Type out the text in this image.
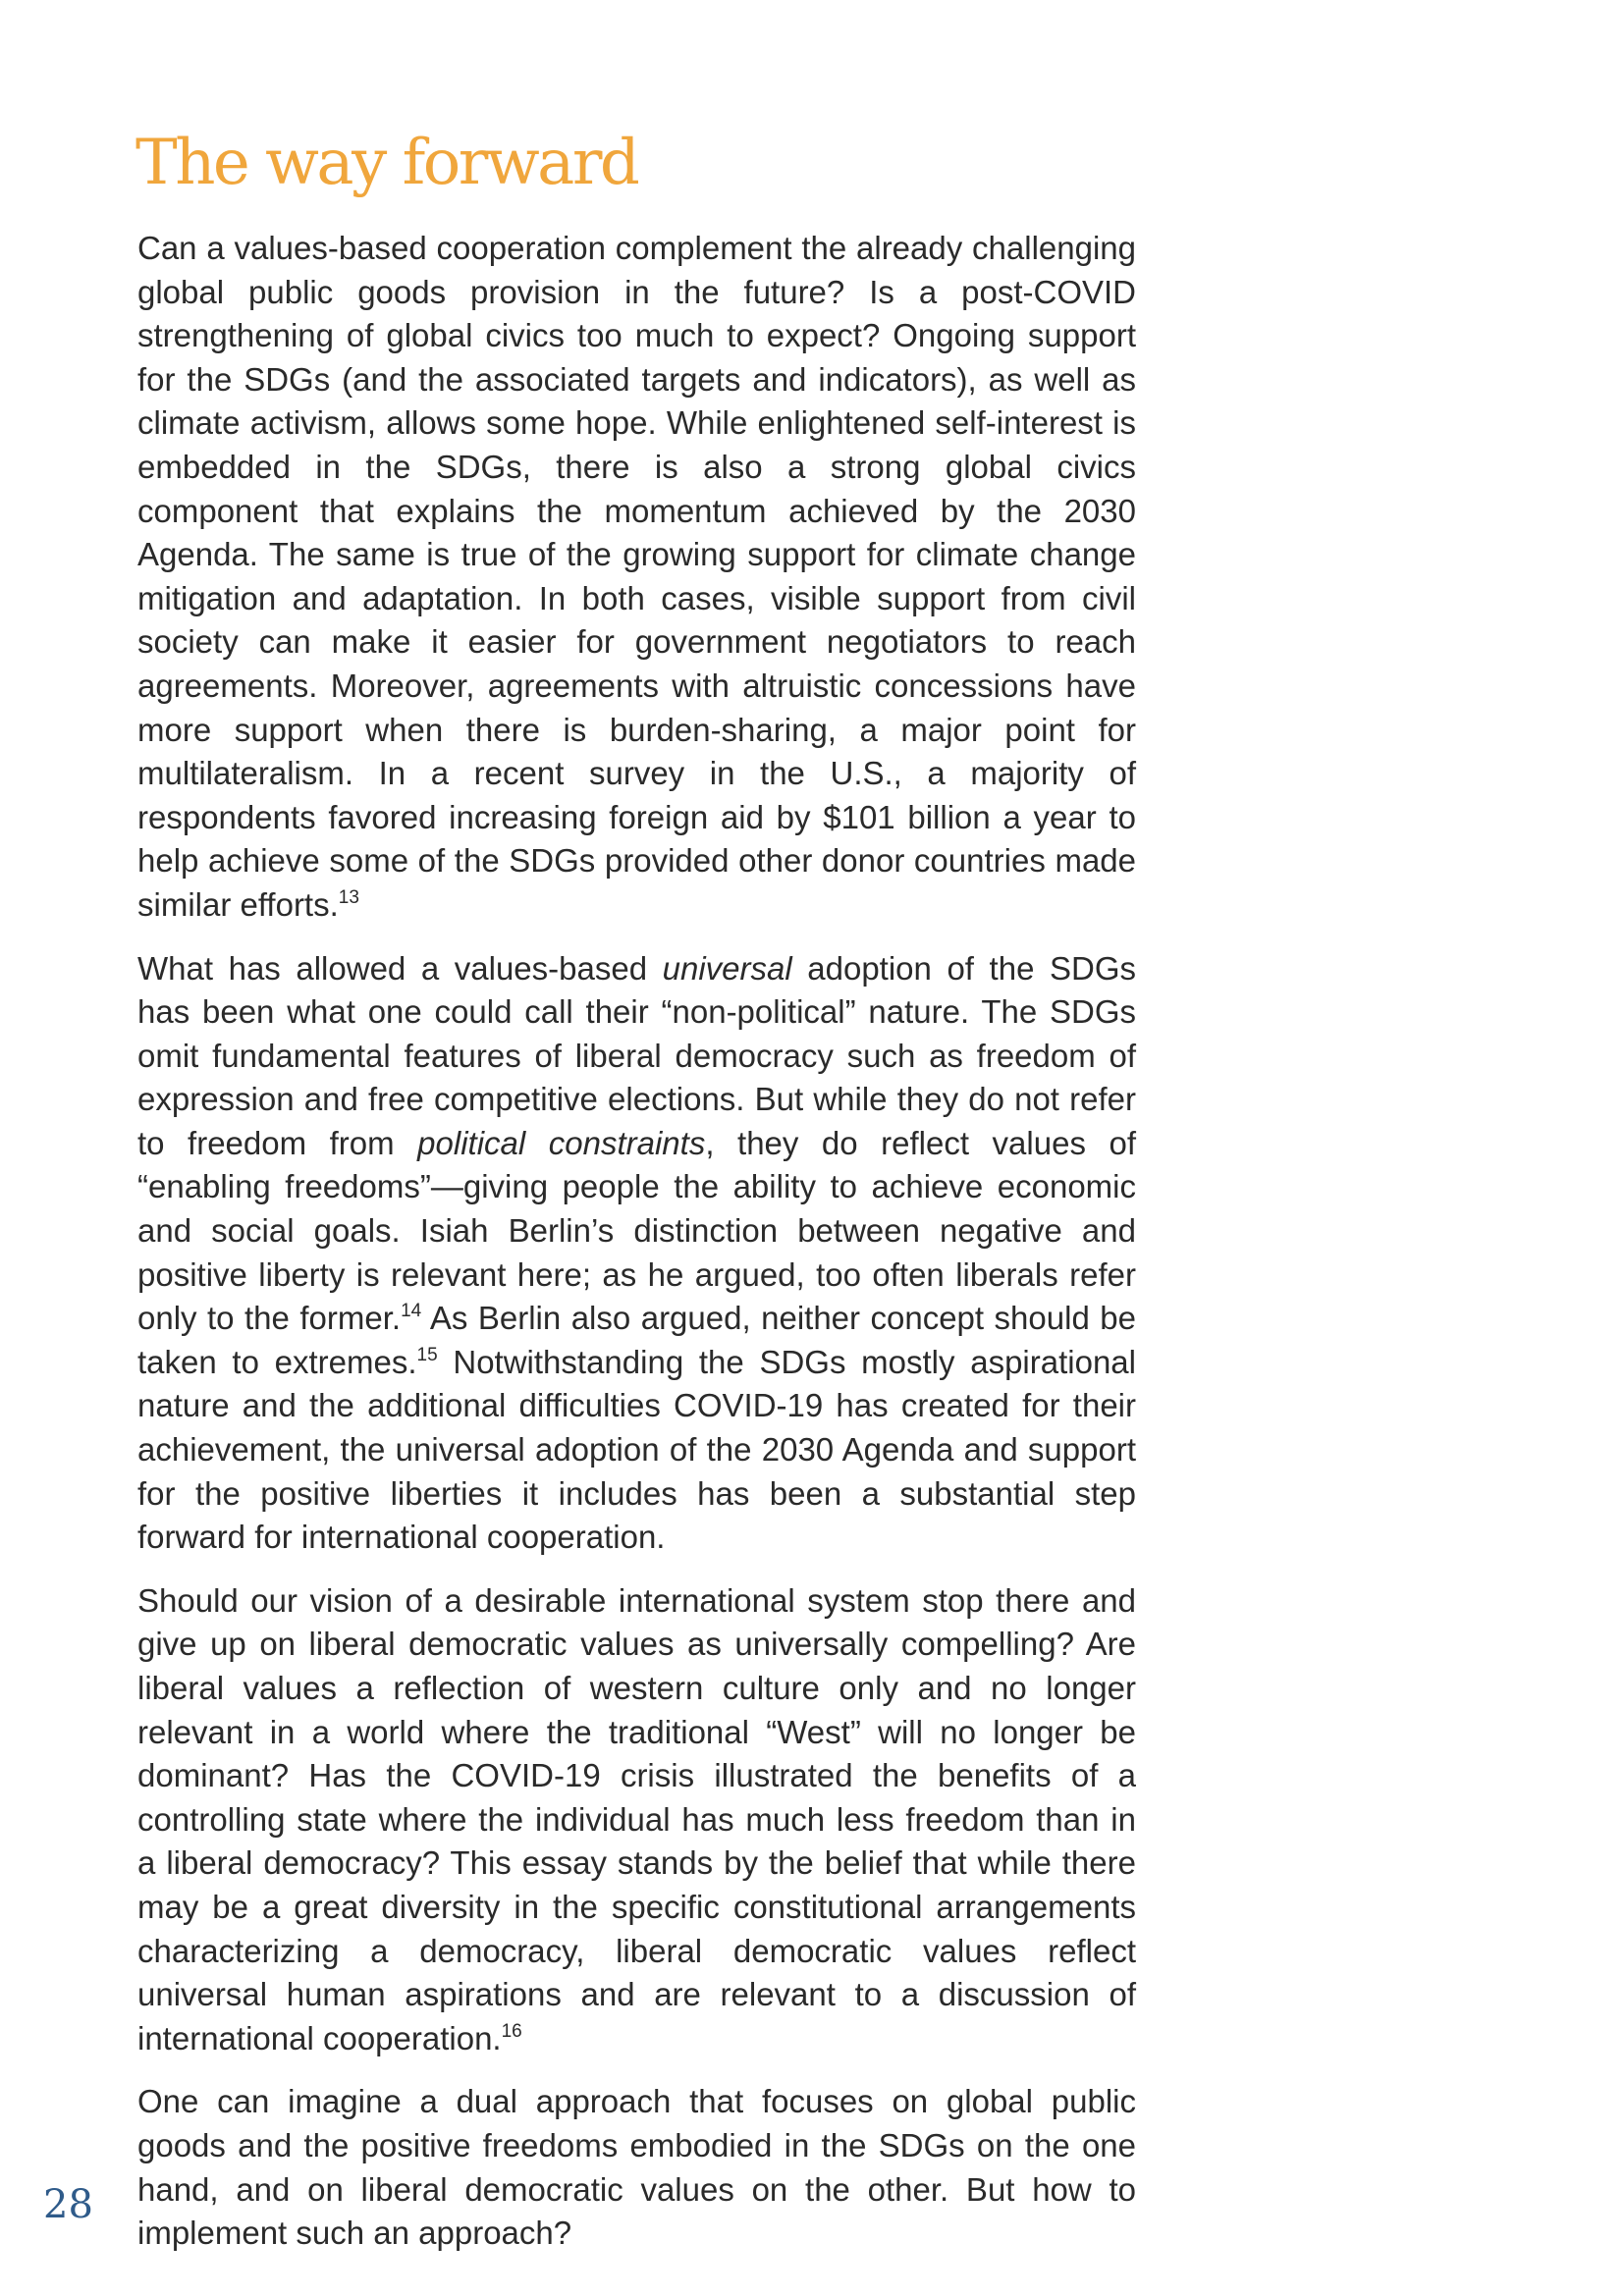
The way forward

Can a values-based cooperation complement the already challenging global public goods provision in the future? Is a post-COVID strengthening of global civics too much to expect? Ongoing support for the SDGs (and the associated targets and indicators), as well as climate activism, allows some hope. While enlightened self-interest is embedded in the SDGs, there is also a strong global civics component that explains the momentum achieved by the 2030 Agenda. The same is true of the growing support for climate change mitigation and adaptation. In both cases, visible support from civil society can make it easier for government negotiators to reach agreements. Moreover, agreements with altruistic concessions have more support when there is burden-sharing, a major point for multilateralism. In a recent survey in the U.S., a majority of respondents favored increasing foreign aid by $101 billion a year to help achieve some of the SDGs provided other donor countries made similar efforts.$^{13}$

What has allowed a values-based universal adoption of the SDGs has been what one could call their “non-political” nature. The SDGs omit fundamental features of liberal democracy such as freedom of expression and free competitive elections. But while they do not refer to freedom from political constraints, they do reflect values of “enabling freedoms”—giving people the ability to achieve economic and social goals. Isiah Berlin’s distinction between negative and positive liberty is relevant here; as he argued, too often liberals refer only to the former.$^{14}$ As Berlin also argued, neither concept should be taken to extremes.$^{15}$ Notwithstanding the SDGs mostly aspirational nature and the additional difficulties COVID-19 has created for their achievement, the universal adoption of the 2030 Agenda and support for the positive liberties it includes has been a substantial step forward for international cooperation.

Should our vision of a desirable international system stop there and give up on liberal democratic values as universally compelling? Are liberal values a reflection of western culture only and no longer relevant in a world where the traditional “West” will no longer be dominant? Has the COVID-19 crisis illustrated the benefits of a controlling state where the individual has much less freedom than in a liberal democracy? This essay stands by the belief that while there may be a great diversity in the specific constitutional arrangements characterizing a democracy, liberal democratic values reflect universal human aspirations and are relevant to a discussion of international cooperation.$^{16}$

One can imagine a dual approach that focuses on global public goods and the positive freedoms embodied in the SDGs on the one hand, and on liberal democratic values on the other. But how to implement such an approach?

28
